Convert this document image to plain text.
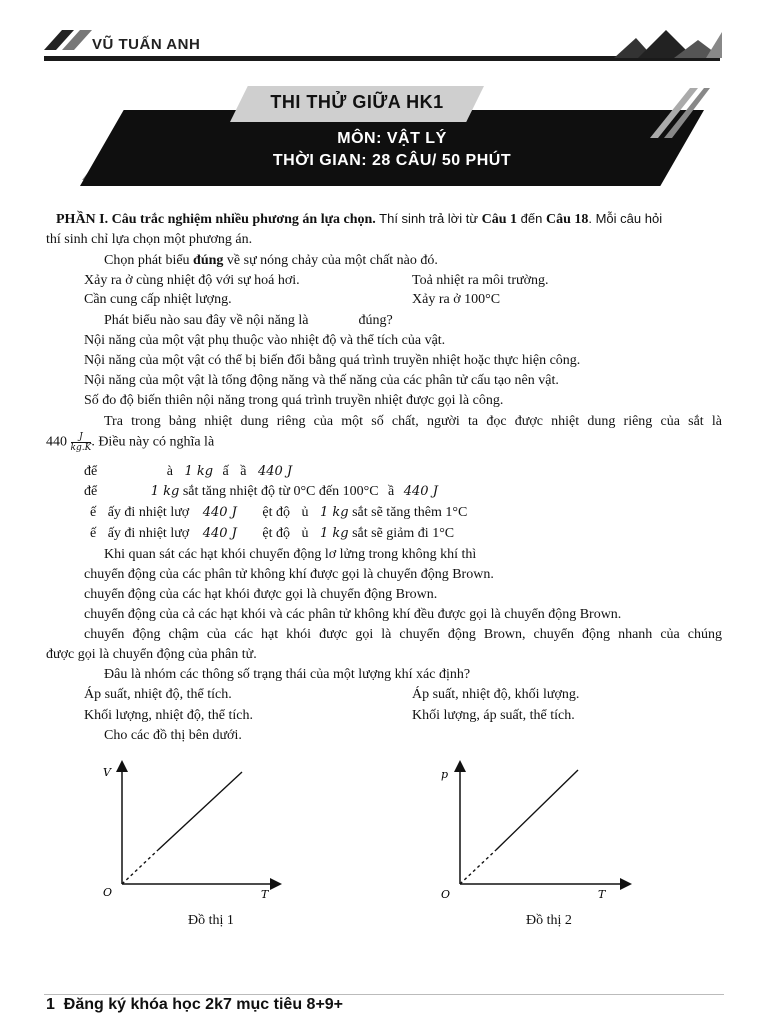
VŨ TUẤN ANH
THI THỬ GIỮA HK1
MÔN: VẬT LÝ
THỜI GIAN: 28 CÂU/ 50 PHÚT
PHẦN I. Câu trắc nghiệm nhiều phương án lựa chọn. Thí sinh trả lời từ Câu 1 đến Câu 18. Mỗi câu hỏi
thí sinh chỉ lựa chọn một phương án.
Chọn phát biểu đúng về sự nóng chảy của một chất nào đó.
Xảy ra ở cùng nhiệt độ với sự hoá hơi.	Toả nhiệt ra môi trường.
Cần cung cấp nhiệt lượng.	Xảy ra ở 100°C
Phát biểu nào sau đây về nội năng là	đúng?
Nội năng của một vật phụ thuộc vào nhiệt độ và thể tích của vật.
Nội năng của một vật có thể bị biến đổi bằng quá trình truyền nhiệt hoặc thực hiện công.
Nội năng của một vật là tổng động năng và thế năng của các phân tử cấu tạo nên vật.
Số đo độ biến thiên nội năng trong quá trình truyền nhiệt được gọi là công.
Tra trong bảng nhiệt dung riêng của một số chất, người ta đọc được nhiệt dung riêng của sắt là
$440 \frac{J}{kg.K}$ . Điều này có nghĩa là
để	à 1 kg ấ ầ 440 J
để	1 kg sắt tăng nhiệt độ từ 0°C đến 100°C ầ 440 J
ế ấy đi nhiệt lượ 440 J ệt độ ủ 1 kg sắt sẽ tăng thêm 1°C
ế ấy đi nhiệt lượ 440 J ệt độ ủ 1 kg sắt sẽ giảm đi 1°C
Khi quan sát các hạt khói chuyển động lơ lửng trong không khí thì
chuyển động của các phân tử không khí được gọi là chuyển động Brown.
chuyển động của các hạt khói được gọi là chuyển động Brown.
chuyển động của cả các hạt khói và các phân tử không khí đều được gọi là chuyển động Brown.
chuyển động chậm của các hạt khói được gọi là chuyển động Brown, chuyển động nhanh của chúng
được gọi là chuyển động của phân tử.
Đâu là nhóm các thông số trạng thái của một lượng khí xác định?
Áp suất, nhiệt độ, thể tích.	Áp suất, nhiệt độ, khối lượng.
Khối lượng, nhiệt độ, thể tích.	Khối lượng, áp suất, thể tích.
Cho các đồ thị bên dưới.
V
O	T
Đồ thị 1
p
O	T
Đồ thị 2
1 Đăng ký khóa học 2k7 mục tiêu 8+9+
